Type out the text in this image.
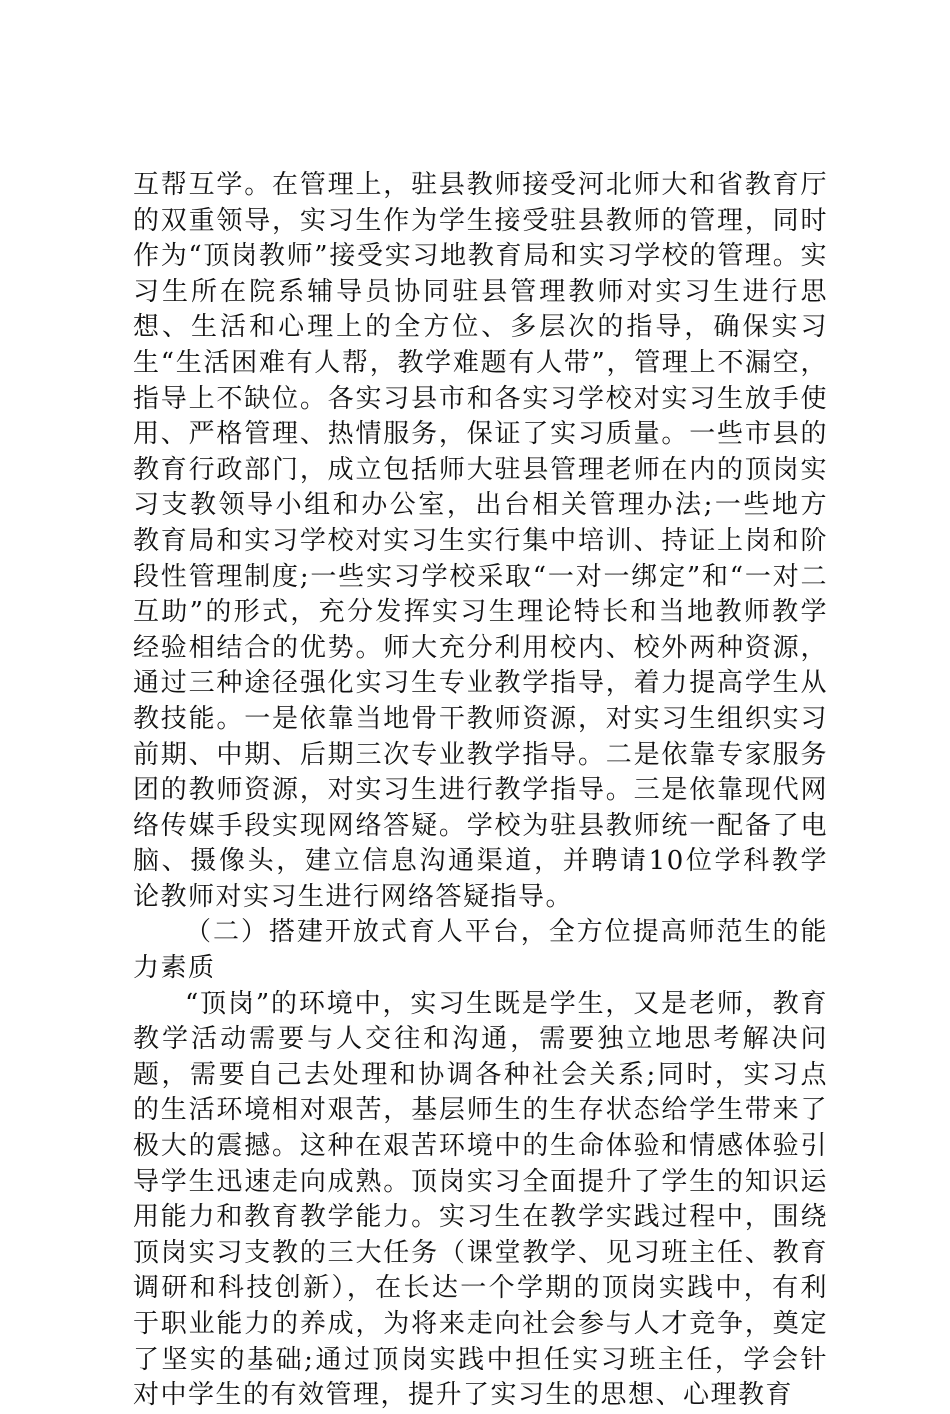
互帮互学。在管理上，驻县教师接受河北师大和省教育厅的双重领导，实习生作为学生接受驻县教师的管理，同时作为“顶岗教师”接受实习地教育局和实习学校的管理。实习生所在院系辅导员协同驻县管理教师对实习生进行思想、生活和心理上的全方位、多层次的指导，确保实习生“生活困难有人帮，教学难题有人带”，管理上不漏空，指导上不缺位。各实习县市和各实习学校对实习生放手使用、严格管理、热情服务，保证了实习质量。一些市县的教育行政部门，成立包括师大驻县管理老师在内的顶岗实习支教领导小组和办公室，出台相关管理办法;一些地方教育局和实习学校对实习生实行集中培训、持证上岗和阶段性管理制度;一些实习学校采取“一对一绑定”和“一对二互助”的形式，充分发挥实习生理论特长和当地教师教学经验相结合的优势。师大充分利用校内、校外两种资源，通过三种途径强化实习生专业教学指导，着力提高学生从教技能。一是依靠当地骨干教师资源，对实习生组织实习前期、中期、后期三次专业教学指导。二是依靠专家服务团的教师资源，对实习生进行教学指导。三是依靠现代网络传媒手段实现网络答疑。学校为驻县教师统一配备了电脑、摄像头，建立信息沟通渠道，并聘请10位学科教学论教师对实习生进行网络答疑指导。

（二）搭建开放式育人平台，全方位提高师范生的能力素质

“顶岗”的环境中，实习生既是学生，又是老师，教育教学活动需要与人交往和沟通，需要独立地思考解决问题，需要自己去处理和协调各种社会关系;同时，实习点的生活环境相对艰苦，基层师生的生存状态给学生带来了极大的震撼。这种在艰苦环境中的生命体验和情感体验引导学生迅速走向成熟。顶岗实习全面提升了学生的知识运用能力和教育教学能力。实习生在教学实践过程中，围绕顶岗实习支教的三大任务（课堂教学、见习班主任、教育调研和科技创新），在长达一个学期的顶岗实践中，有利于职业能力的养成，为将来走向社会参与人才竞争，奠定了坚实的基础;通过顶岗实践中担任实习班主任，学会针对中学生的有效管理，提升了实习生的思想、心理教育
